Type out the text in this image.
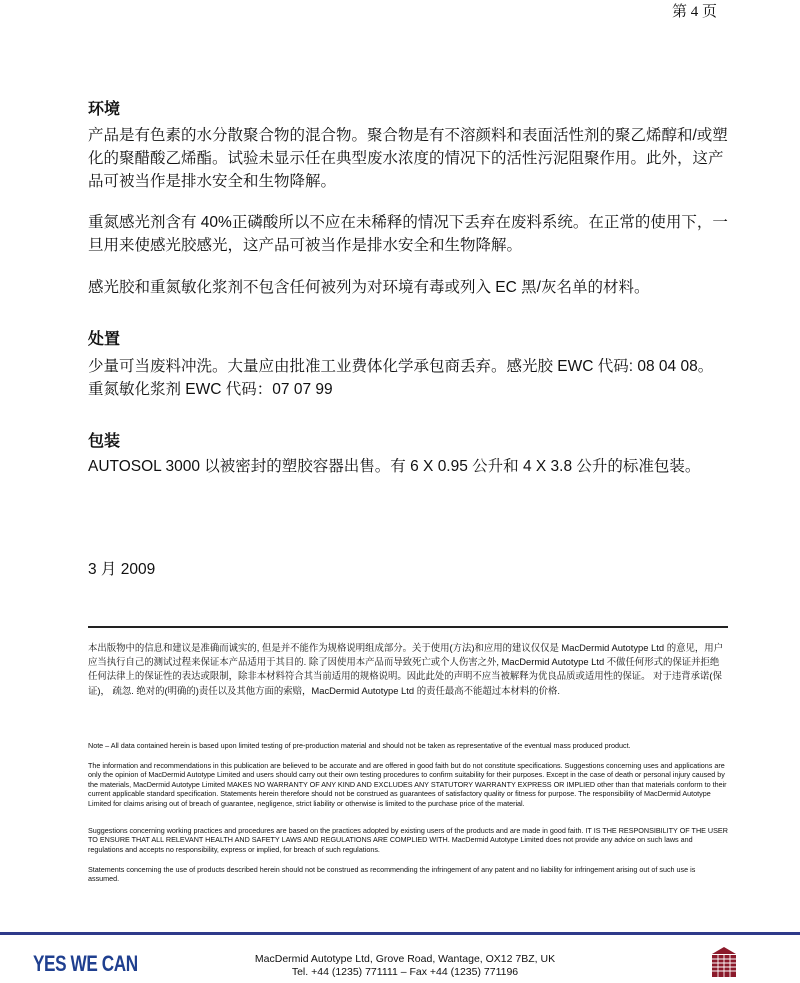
第 4 页
环境
产品是有色素的水分散聚合物的混合物。聚合物是有不溶颜料和表面活性剂的聚乙烯醇和/或塑化的聚醋酸乙烯酯。试验未显示任在典型废水浓度的情况下的活性污泥阻聚作用。此外，这产品可被当作是排水安全和生物降解。
重氮感光剂含有 40%正磷酸所以不应在未稀释的情况下丢弃在废料系统。在正常的使用下，一旦用来使感光胶感光，这产品可被当作是排水安全和生物降解。
感光胶和重氮敏化浆剂不包含任何被列为对环境有毒或列入 EC 黑/灰名单的材料。
处置
少量可当废料冲洗。大量应由批准工业费体化学承包商丢弃。感光胶 EWC 代码: 08 04 08。重氮敏化浆剂 EWC 代码：07 07 99
包装
AUTOSOL 3000 以被密封的塑胶容器出售。有 6 X 0.95 公升和 4 X 3.8 公升的标准包装。
3 月 2009
本出版物中的信息和建议是准确而诚实的, 但是并不能作为规格说明组成部分。关于使用(方法)和应用的建议仅仅是 MacDermid Autotype Ltd 的意见，用户应当执行自己的测试过程来保证本产品适用于其目的. 除了因使用本产品而导致死亡或个人伤害之外, MacDermid Autotype Ltd 不做任何形式的保证并拒绝任何法律上的保证性的表达或限制，除非本材料符合其当前适用的规格说明。因此此处的声明不应当被解释为优良品质或适用性的保证。 对于违背承诺(保证)， 疏忽. 绝对的(明确的)责任以及其他方面的索赔，MacDermid Autotype Ltd 的责任最高不能超过本材料的价格.
Note – All data contained herein is based upon limited testing of pre-production material and should not be taken as representative of the eventual mass produced product.
The information and recommendations in this publication are believed to be accurate and are offered in good faith but do not constitute specifications. Suggestions concerning uses and applications are only the opinion of MacDermid Autotype Limited and users should carry out their own testing procedures to confirm suitability for their purposes. Except in the case of death or personal injury caused by the materials, MacDermid Autotype Limited MAKES NO WARRANTY OF ANY KIND AND EXCLUDES ANY STATUTORY WARRANTY EXPRESS OR IMPLIED other than that materials conform to their current applicable standard specification. Statements herein therefore should not be construed as guarantees of satisfactory quality or fitness for purpose. The responsibility of MacDermid Autotype Limited for claims arising out of breach of guarantee, negligence, strict liability or otherwise is limited to the purchase price of the material.
Suggestions concerning working practices and procedures are based on the practices adopted by existing users of the products and are made in good faith. IT IS THE RESPONSIBILITY OF THE USER TO ENSURE THAT ALL RELEVANT HEALTH AND SAFETY LAWS AND REGULATIONS ARE COMPLIED WITH. MacDermid Autotype Limited does not provide any advice on such laws and regulations and accepts no responsibility, express or implied, for breach of such regulations.
Statements concerning the use of products described herein should not be construed as recommending the infringement of any patent and no liability for infringement arising out of such use is assumed.
YES WE CAN	MacDermid Autotype Ltd, Grove Road, Wantage, OX12 7BZ, UK
Tel. +44 (1235) 771111 – Fax +44 (1235) 771196
